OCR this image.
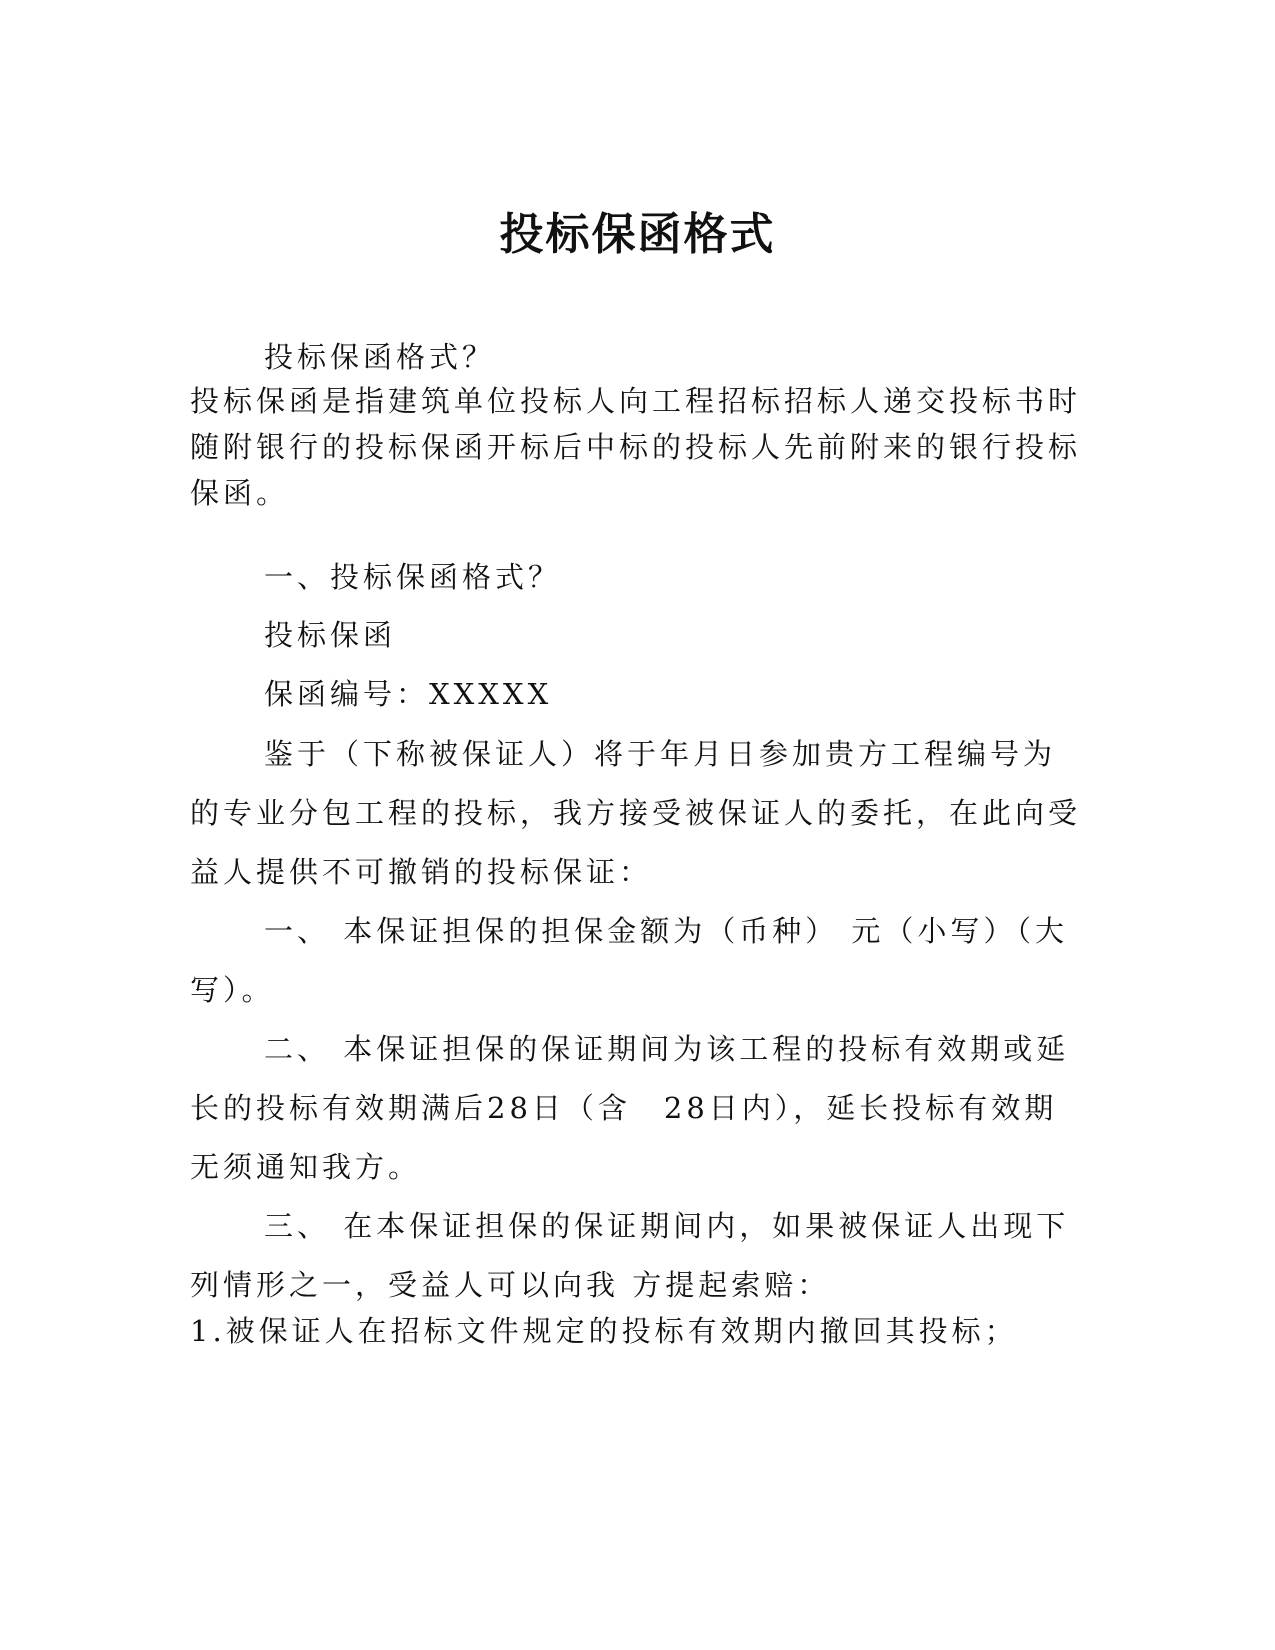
投标保函格式
投标保函格式？
投标保函是指建筑单位投标人向工程招标招标人递交投标书时
随附银行的投标保函开标后中标的投标人先前附来的银行投标
保函。
一、投标保函格式？
投标保函
保函编号：XXXXX
鉴于（下称被保证人）将于年月日参加贵方工程编号为
的专业分包工程的投标，我方接受被保证人的委托，在此向受
益人提供不可撤销的投标保证：
一、 本保证担保的担保金额为（币种） 元（小写）（大
写）。
二、 本保证担保的保证期间为该工程的投标有效期或延
长的投标有效期满后28日（含　28日内），延长投标有效期
无须通知我方。
三、 在本保证担保的保证期间内，如果被保证人出现下
列情形之一，受益人可以向我 方提起索赔：
1.被保证人在招标文件规定的投标有效期内撤回其投标；
